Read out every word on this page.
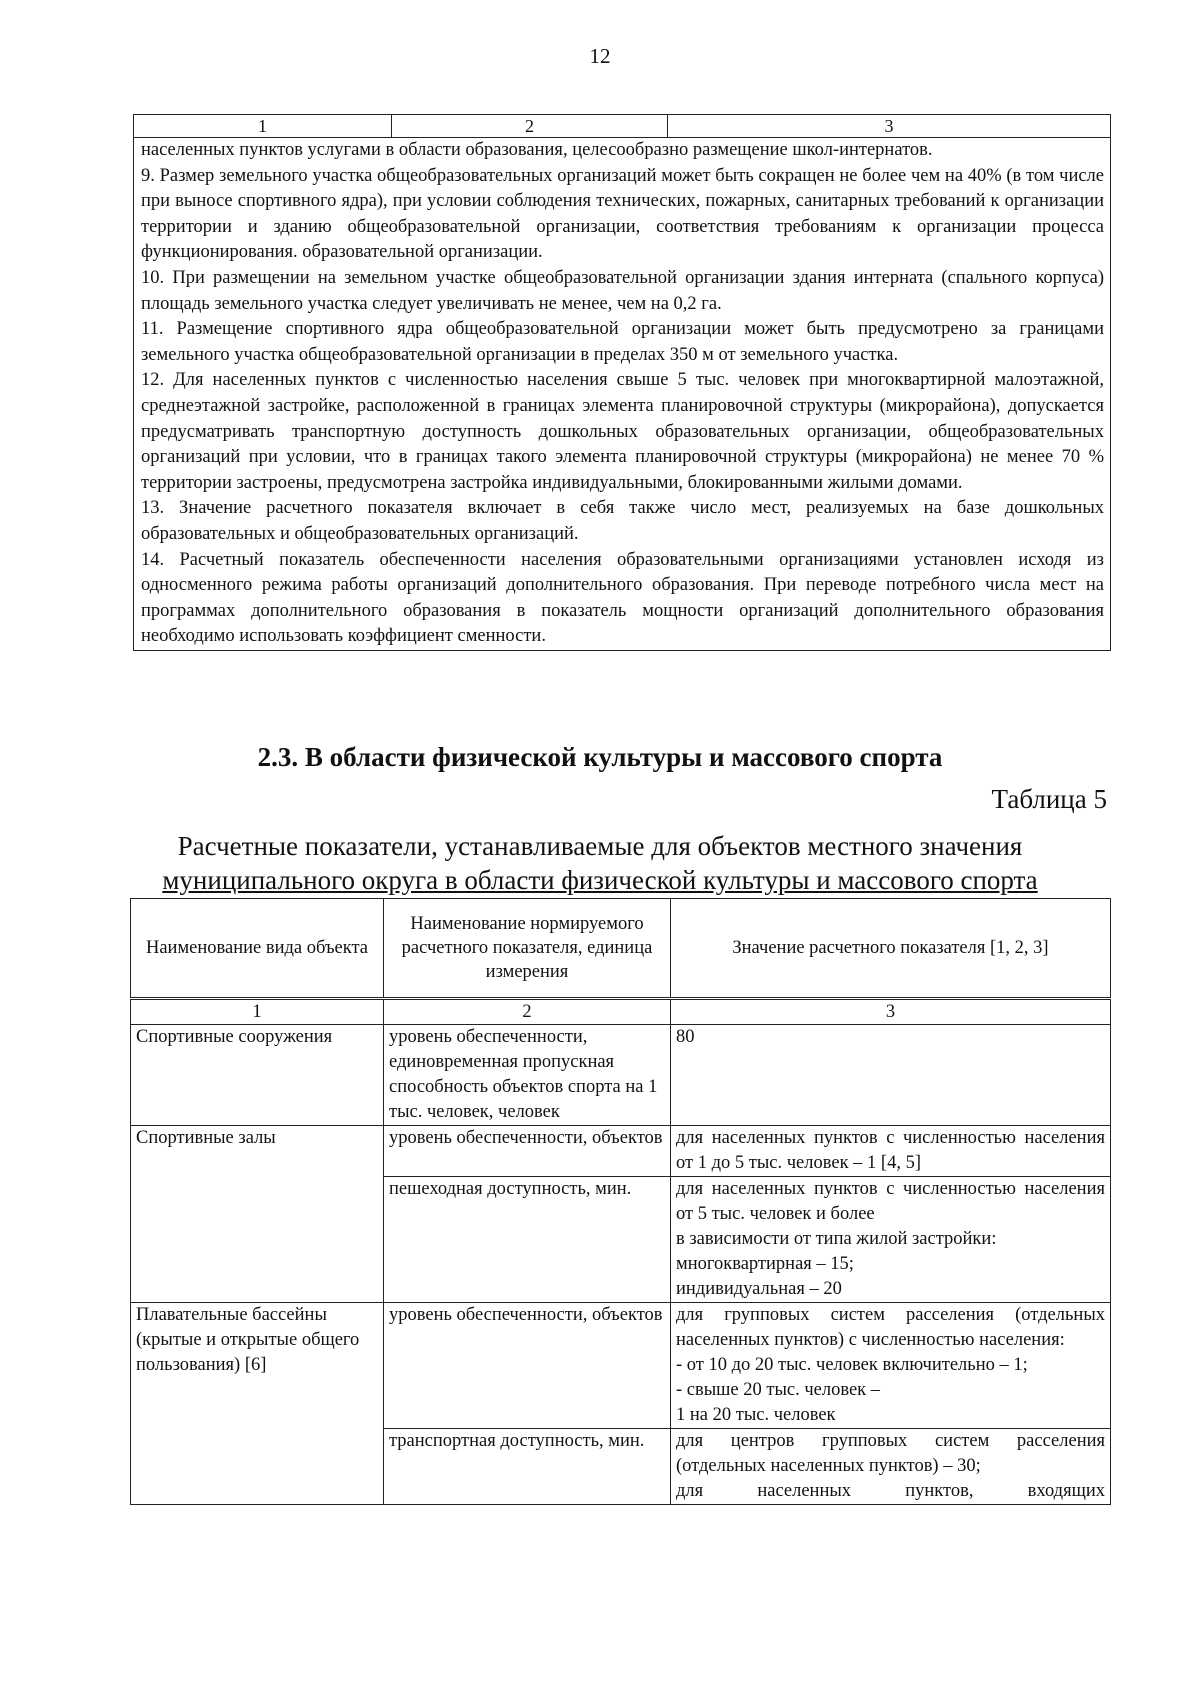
12
1	2	3

населенных пунктов услугами в области образования, целесообразно размещение школ-интернатов.

9. Размер земельного участка общеобразовательных организаций может быть сокращен не более чем на 40% (в том числе при выносе спортивного ядра), при условии соблюдения технических, пожарных, санитарных требований к организации территории и зданию общеобразовательной организации, соответствия требованиям к организации процесса функционирования. образовательной организации.

10. При размещении на земельном участке общеобразовательной организации здания интерната (спального корпуса) площадь земельного участка следует увеличивать не менее, чем на 0,2 га.

11. Размещение спортивного ядра общеобразовательной организации может быть предусмотрено за границами земельного участка общеобразовательной организации в пределах 350 м от земельного участка.

12. Для населенных пунктов с численностью населения свыше 5 тыс. человек при многоквартирной малоэтажной, среднеэтажной застройке, расположенной в границах элемента планировочной структуры (микрорайона), допускается предусматривать транспортную доступность дошкольных образовательных организации, общеобразовательных организаций при условии, что в границах такого элемента планировочной структуры (микрорайона) не менее 70 % территории застроены, предусмотрена застройка индивидуальными, блокированными жилыми домами.

13. Значение расчетного показателя включает в себя также число мест, реализуемых на базе дошкольных образовательных и общеобразовательных организаций.

14. Расчетный показатель обеспеченности населения образовательными организациями установлен исходя из односменного режима работы организаций дополнительного образования. При переводе потребного числа мест на программах дополнительного образования в показатель мощности организаций дополнительного образования необходимо использовать коэффициент сменности.

2.3. В области физической культуры и массового спорта
Таблица 5
Расчетные показатели, устанавливаемые для объектов местного значения
муниципального округа в области физической культуры и массового спорта
Наименование вида объекта	Наименование нормируемого расчетного показателя, единица измерения	Значение расчетного показателя [1, 2, 3]
1	2	3
Спортивные сооружения	уровень обеспеченности, единовременная пропускная способность объектов спорта на 1 тыс. человек, человек	80
Спортивные залы	уровень обеспеченности, объектов	для населенных пунктов с численностью населения от 1 до 5 тыс. человек – 1 [4, 5]
	пешеходная доступность, мин.	для населенных пунктов с численностью населения от 5 тыс. человек и более
в зависимости от типа жилой застройки:
многоквартирная – 15;
индивидуальная – 20

Плавательные бассейны (крытые и открытые общего пользования) [6]	уровень обеспеченности, объектов	для групповых систем расселения (отдельных населенных пунктов) с численностью населения:
- от 10 до 20 тыс. человек включительно – 1;
- свыше 20 тыс. человек –
1 на 20 тыс. человек

	транспортная доступность, мин.	для центров групповых систем расселения (отдельных населенных пунктов) – 30;
для населенных пунктов, входящих
